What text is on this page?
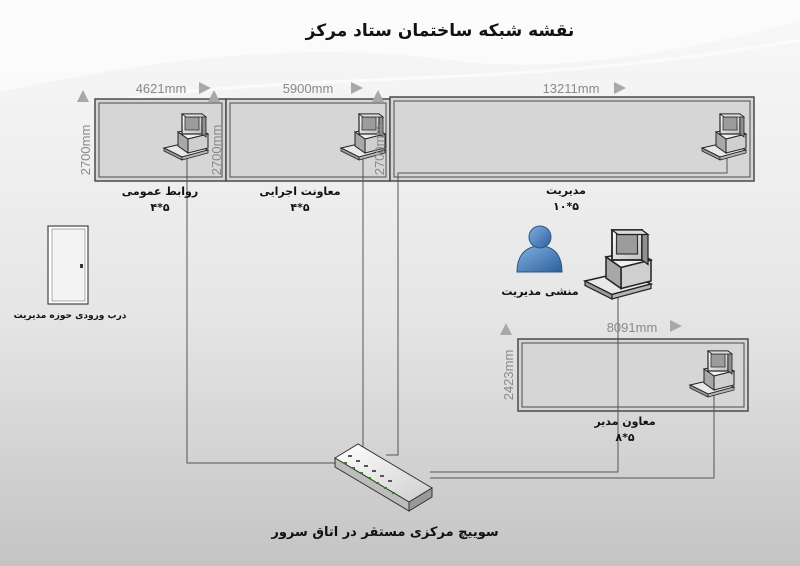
نقشه شبکه ساختمان ستاد مرکز
منشی مدیریت
درب ورودی حوزه مدیریت
سوییچ مرکزی مستقر در اتاق سرور
روابط عمومی
۴*۵
معاونت اجرایی
۴*۵
مدیریت
۱۰*۵
معاون مدیر
۸*۵
4621mm
2700mm
5900mm
2700mm	2700mm
13211mm
8091mm
2423mm
